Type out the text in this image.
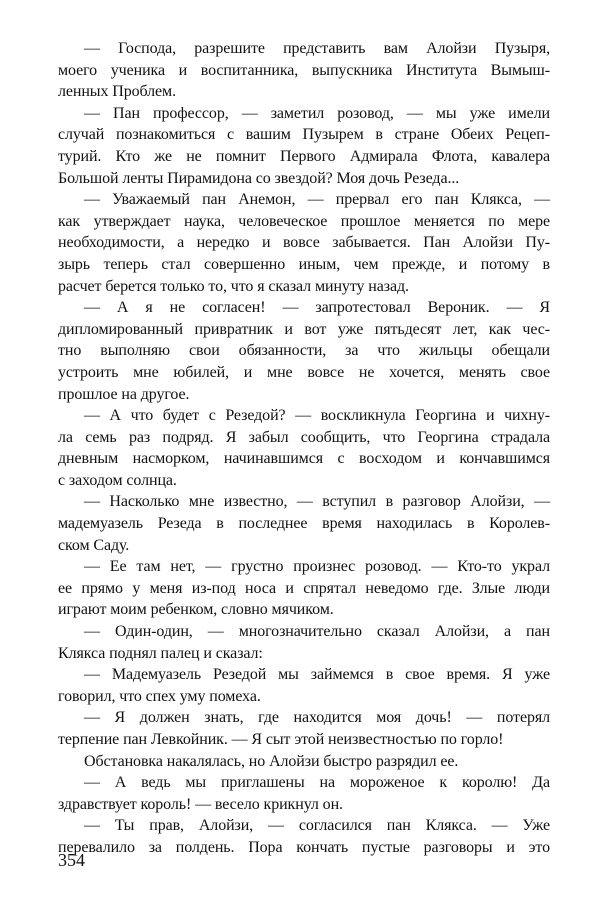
— Господа, разрешите представить вам Алойзи Пузыря,
моего ученика и воспитанника, выпускника Института Вымыш-
ленных Проблем.

— Пан профессор, — заметил розовод, — мы уже имели
случай познакомиться с вашим Пузырем в стране Обеих Рецеп-
турий. Кто же не помнит Первого Адмирала Флота, кавалера
Большой ленты Пирамидона со звездой? Моя дочь Резеда...

— Уважаемый пан Анемон, — прервал его пан Клякса, —
как утверждает наука, человеческое прошлое меняется по мере
необходимости, а нередко и вовсе забывается. Пан Алойзи Пу-
зырь теперь стал совершенно иным, чем прежде, и потому в
расчет берется только то, что я сказал минуту назад.

— А я не согласен! — запротестовал Вероник. — Я
дипломированный привратник и вот уже пятьдесят лет, как чес-
тно выполняю свои обязанности, за что жильцы обещали
устроить мне юбилей, и мне вовсе не хочется, менять свое
прошлое на другое.

— А что будет с Резедой? — воскликнула Георгина и чихну-
ла семь раз подряд. Я забыл сообщить, что Георгина страдала
дневным насморком, начинавшимся с восходом и кончавшимся
с заходом солнца.

— Насколько мне известно, — вступил в разговор Алойзи, —
мадемуазель Резеда в последнее время находилась в Королев-
ском Саду.

— Ее там нет, — грустно произнес розовод. — Кто-то украл
ее прямо у меня из-под носа и спрятал неведомо где. Злые люди
играют моим ребенком, словно мячиком.

— Один-один, — многозначительно сказал Алойзи, а пан
Клякса поднял палец и сказал:

— Мадемуазель Резедой мы займемся в свое время. Я уже
говорил, что спех уму помеха.

— Я должен знать, где находится моя дочь! — потерял
терпение пан Левкойник. — Я сыт этой неизвестностью по горло!

Обстановка накалялась, но Алойзи быстро разрядил ее.

— А ведь мы приглашены на мороженое к королю! Да
здравствует король! — весело крикнул он.

— Ты прав, Алойзи, — согласился пан Клякса. — Уже
перевалило за полдень. Пора кончать пустые разговоры и это

354
